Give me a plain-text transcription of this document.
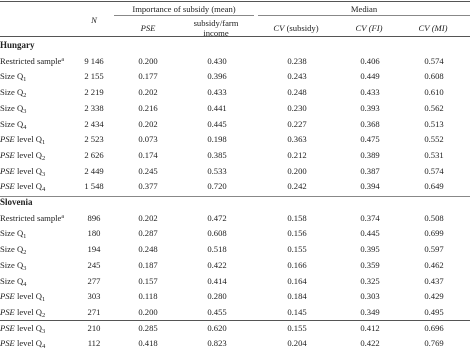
N
Importance of subsidy (mean)	Median
PSE	subsidy/farm
income	CV (subsidy)	CV (FI)	CV (MI)
Hungary
Restricted sample$^a$	9 146	0.200	0.430	0.238	0.406	0.574
Size $Q_1$	2 155	0.177	0.396	0.243	0.449	0.608
Size $Q_2$	2 219	0.202	0.433	0.248	0.433	0.610
Size $Q_3$	2 338	0.216	0.441	0.230	0.393	0.562
Size $Q_4$	2 434	0.202	0.445	0.227	0.368	0.513
PSE level $Q_1$	2 523	0.073	0.198	0.363	0.475	0.552
PSE level $Q_2$	2 626	0.174	0.385	0.212	0.389	0.531
PSE level $Q_3$	2 449	0.245	0.533	0.200	0.387	0.574
PSE level $Q_4$	1 548	0.377	0.720	0.242	0.394	0.649
Slovenia
Restricted sample$^a$	896	0.202	0.472	0.158	0.374	0.508
Size $Q_1$	180	0.287	0.608	0.156	0.445	0.699
Size $Q_2$	194	0.248	0.518	0.155	0.395	0.597
Size $Q_3$	245	0.187	0.422	0.166	0.359	0.462
Size $Q_4$	277	0.157	0.414	0.164	0.325	0.437
PSE level $Q_1$	303	0.118	0.280	0.184	0.303	0.429
PSE level $Q_2$	271	0.200	0.455	0.145	0.349	0.495
PSE level $Q_3$	210	0.285	0.620	0.155	0.412	0.696
PSE level $Q_4$	112	0.418	0.823	0.204	0.422	0.769
